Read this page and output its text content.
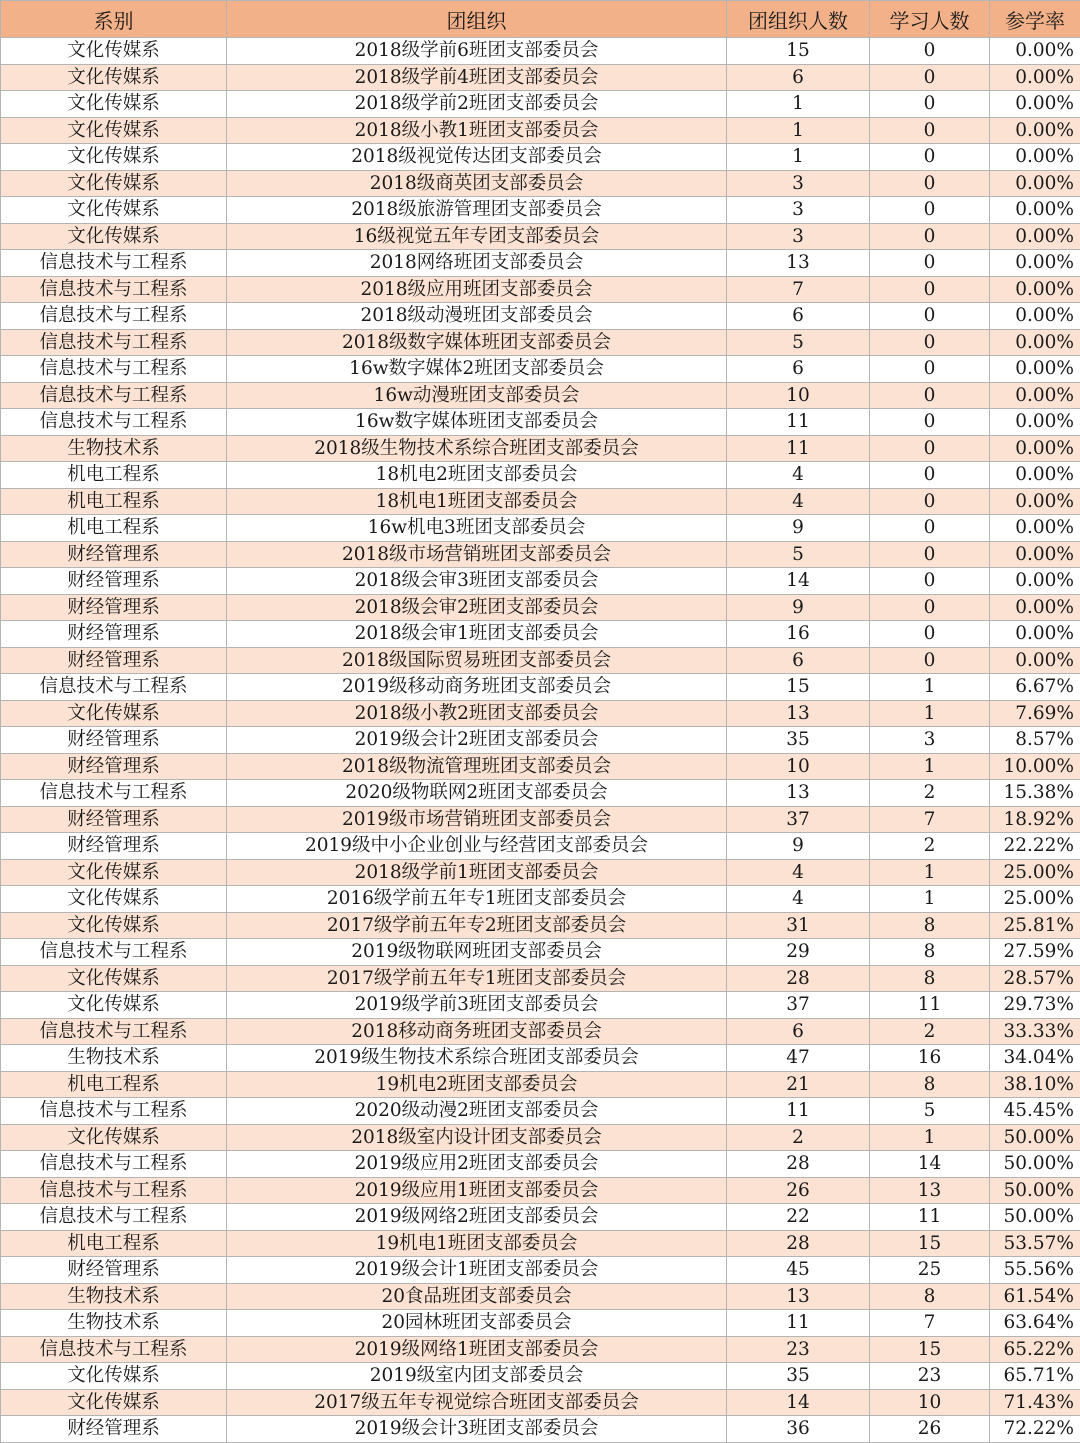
系别	团组织	团组织人数	学习人数	参学率
文化传媒系	2018级学前6班团支部委员会	15	0	0.00%
文化传媒系	2018级学前4班团支部委员会	6	0	0.00%
文化传媒系	2018级学前2班团支部委员会	1	0	0.00%
文化传媒系	2018级小教1班团支部委员会	1	0	0.00%
文化传媒系	2018级视觉传达团支部委员会	1	0	0.00%
文化传媒系	2018级商英团支部委员会	3	0	0.00%
文化传媒系	2018级旅游管理团支部委员会	3	0	0.00%
文化传媒系	16级视觉五年专团支部委员会	3	0	0.00%
信息技术与工程系	2018网络班团支部委员会	13	0	0.00%
信息技术与工程系	2018级应用班团支部委员会	7	0	0.00%
信息技术与工程系	2018级动漫班团支部委员会	6	0	0.00%
信息技术与工程系	2018级数字媒体班团支部委员会	5	0	0.00%
信息技术与工程系	16w数字媒体2班团支部委员会	6	0	0.00%
信息技术与工程系	16w动漫班团支部委员会	10	0	0.00%
信息技术与工程系	16w数字媒体班团支部委员会	11	0	0.00%
生物技术系	2018级生物技术系综合班团支部委员会	11	0	0.00%
机电工程系	18机电2班团支部委员会	4	0	0.00%
机电工程系	18机电1班团支部委员会	4	0	0.00%
机电工程系	16w机电3班团支部委员会	9	0	0.00%
财经管理系	2018级市场营销班团支部委员会	5	0	0.00%
财经管理系	2018级会审3班团支部委员会	14	0	0.00%
财经管理系	2018级会审2班团支部委员会	9	0	0.00%
财经管理系	2018级会审1班团支部委员会	16	0	0.00%
财经管理系	2018级国际贸易班团支部委员会	6	0	0.00%
信息技术与工程系	2019级移动商务班团支部委员会	15	1	6.67%
文化传媒系	2018级小教2班团支部委员会	13	1	7.69%
财经管理系	2019级会计2班团支部委员会	35	3	8.57%
财经管理系	2018级物流管理班团支部委员会	10	1	10.00%
信息技术与工程系	2020级物联网2班团支部委员会	13	2	15.38%
财经管理系	2019级市场营销班团支部委员会	37	7	18.92%
财经管理系	2019级中小企业创业与经营团支部委员会	9	2	22.22%
文化传媒系	2018级学前1班团支部委员会	4	1	25.00%
文化传媒系	2016级学前五年专1班团支部委员会	4	1	25.00%
文化传媒系	2017级学前五年专2班团支部委员会	31	8	25.81%
信息技术与工程系	2019级物联网班团支部委员会	29	8	27.59%
文化传媒系	2017级学前五年专1班团支部委员会	28	8	28.57%
文化传媒系	2019级学前3班团支部委员会	37	11	29.73%
信息技术与工程系	2018移动商务班团支部委员会	6	2	33.33%
生物技术系	2019级生物技术系综合班团支部委员会	47	16	34.04%
机电工程系	19机电2班团支部委员会	21	8	38.10%
信息技术与工程系	2020级动漫2班团支部委员会	11	5	45.45%
文化传媒系	2018级室内设计团支部委员会	2	1	50.00%
信息技术与工程系	2019级应用2班团支部委员会	28	14	50.00%
信息技术与工程系	2019级应用1班团支部委员会	26	13	50.00%
信息技术与工程系	2019级网络2班团支部委员会	22	11	50.00%
机电工程系	19机电1班团支部委员会	28	15	53.57%
财经管理系	2019级会计1班团支部委员会	45	25	55.56%
生物技术系	20食品班团支部委员会	13	8	61.54%
生物技术系	20园林班团支部委员会	11	7	63.64%
信息技术与工程系	2019级网络1班团支部委员会	23	15	65.22%
文化传媒系	2019级室内团支部委员会	35	23	65.71%
文化传媒系	2017级五年专视觉综合班团支部委员会	14	10	71.43%
财经管理系	2019级会计3班团支部委员会	36	26	72.22%
